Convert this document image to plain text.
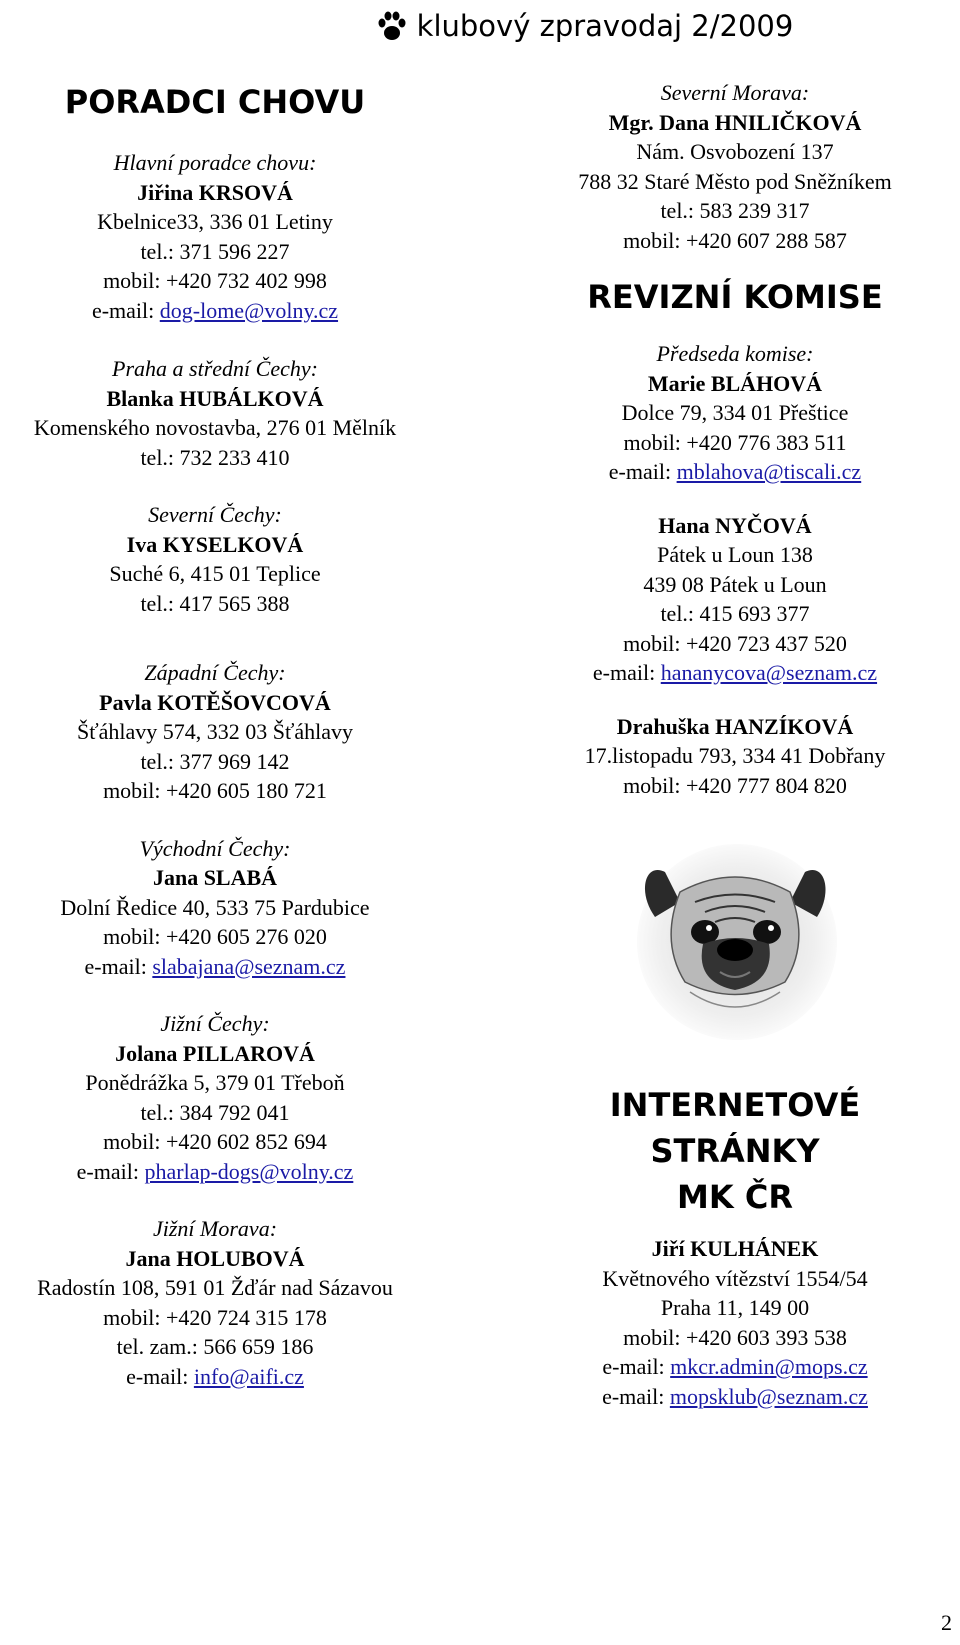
klubový zpravodaj 2/2009
PORADCI CHOVU
Hlavní poradce chovu:
Jiřina KRSOVÁ
Kbelnice33, 336 01 Letiny
tel.: 371 596 227
mobil: +420 732 402 998
e-mail: dog-lome@volny.cz
Praha a střední Čechy:
Blanka HUBÁLKOVÁ
Komenského novostavba, 276 01 Mělník
tel.: 732 233 410
Severní Čechy:
Iva KYSELKOVÁ
Suché 6, 415 01 Teplice
tel.: 417 565 388
Západní Čechy:
Pavla KOTĚŠOVCOVÁ
Šťáhlavy 574, 332 03 Šťáhlavy
tel.: 377 969 142
mobil: +420 605 180 721
Východní Čechy:
Jana SLABÁ
Dolní Ředice 40, 533 75 Pardubice
mobil: +420 605 276 020
e-mail: slabajana@seznam.cz
Jižní Čechy:
Jolana PILLAROVÁ
Ponědrážka 5, 379 01 Třeboň
tel.: 384 792 041
mobil: +420 602 852 694
e-mail: pharlap-dogs@volny.cz
Jižní Morava:
Jana HOLUBOVÁ
Radostín 108, 591 01 Žďár nad Sázavou
mobil: +420 724 315 178
tel. zam.: 566 659 186
e-mail: info@aifi.cz
Severní Morava:
Mgr. Dana HNILIČKOVÁ
Nám. Osvobození 137
788 32 Staré Město pod Sněžníkem
tel.: 583 239 317
mobil: +420 607 288 587
REVIZNÍ KOMISE
Předseda komise:
Marie BLÁHOVÁ
Dolce 79, 334 01 Přeštice
mobil: +420 776 383 511
e-mail: mblahova@tiscali.cz
Hana NYČOVÁ
Pátek u Loun 138
439 08 Pátek u Loun
tel.: 415 693 377
mobil: +420 723 437 520
e-mail: hananycova@seznam.cz
Drahuška HANZÍKOVÁ
17.listopadu 793, 334 41 Dobřany
mobil: +420 777 804 820
INTERNETOVÉ STRÁNKY
MK ČR
Jiří KULHÁNEK
Květnového vítězství 1554/54
Praha 11, 149 00
mobil: +420 603 393 538
e-mail: mkcr.admin@mops.cz
e-mail: mopsklub@seznam.cz
2
